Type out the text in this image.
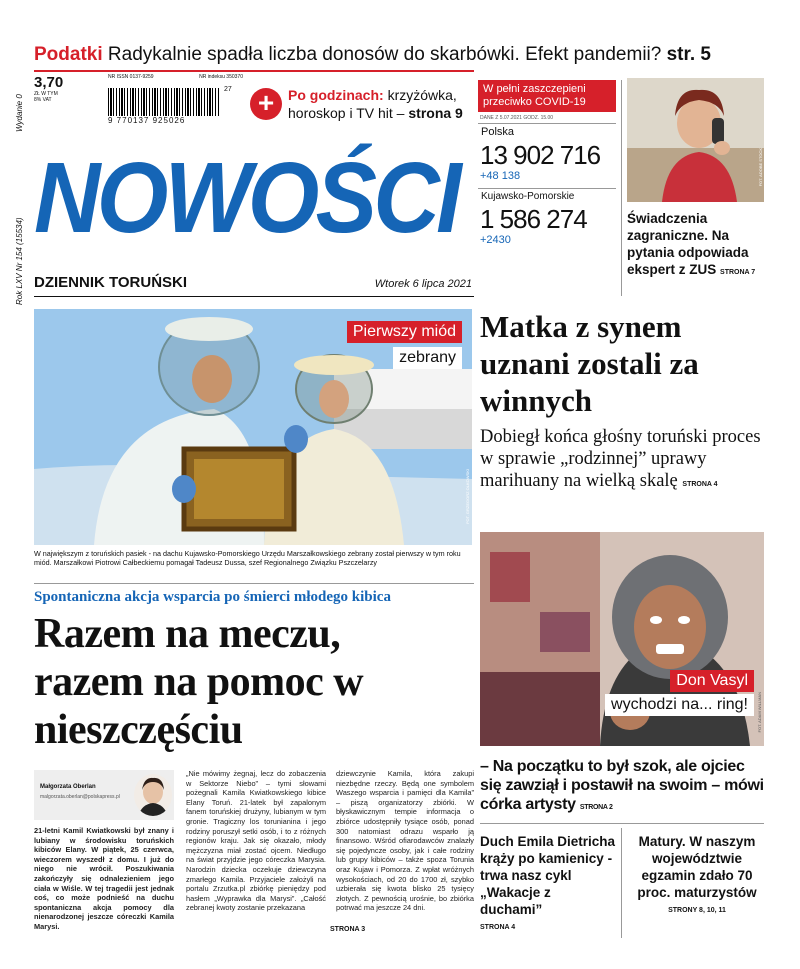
Podatki Radykalnie spadła liczba donosów do skarbówki. Efekt pandemii? str. 5
Wydanie 0
Rok LXV Nr 154 (15534)
3,70
ZŁ W TYM 8% VAT
NR ISSN 0137-9259	NR indeksu 350370
9 770137 925026
27 + Po godzinach: krzyżówka, horoskop i TV hit – strona 9
NOWOŚCI
DZIENNIK TORUŃSKI	Wtorek 6 lipca 2021
W pełni zaszczepieni przeciwko COVID-19
DANE Z 5.07.2021 GODZ. 15.00
Polska
13 902 716
+48 138
Kujawsko-Pomorskie
1 586 274
+2430
FOT. ADOBE STOCK
Świadczenia zagraniczne. Na pytania odpowiada ekspert z ZUS STRONA 7
Pierwszy miód
zebrany
FOT. GRZEGORZ OLKOWSKI
W największym z toruńskich pasiek - na dachu Kujawsko-Pomorskiego Urzędu Marszałkowskiego zebrany został pierwszy w tym roku miód. Marszałkowi Piotrowi Całbeckiemu pomagał Tadeusz Dussa, szef Regionalnego Związku Pszczelarzy
Matka z synem uznani zostali za winnych
Dobiegł końca głośny toruński proces w sprawie „rodzinnej” uprawy marihuany na wielką skalę STRONA 4
Don Vasyl
wychodzi na... ring!	FOT. ADAM WILLMAN
– Na początku to był szok, ale ojciec się zawziął i postawił na swoim – mówi córka artysty STRONA 2
Duch Emila Dietricha krąży po kamienicy - trwa nasz cykl „Wakacje z duchami”
STRONA 4
Matury. W naszym województwie egzamin zdało 70 proc. maturzystów
STRONY 8, 10, 11
Spontaniczna akcja wsparcia po śmierci młodego kibica
Razem na meczu, razem na pomoc w nieszczęściu
Małgorzata Oberlan
malgorzata.oberlan@polskapress.pl
21-letni Kamil Kwiatkowski był znany i lubiany w środowisku toruńskich kibiców Elany. W piątek, 25 czerwca, wieczorem wyszedł z domu. I już do niego nie wrócił. Poszukiwania zakończyły się odnalezieniem jego ciała w Wiśle. W tej tragedii jest jednak coś, co może podnieść na duchu spontaniczna akcja pomocy dla nienarodzonej jeszcze córeczki Kamila Marysi.
„Nie mówimy żegnaj, lecz do zobaczenia w Sektorze Niebo” – tymi słowami pożegnali Kamila Kwiatkowskiego kibice Elany Toruń. 21-latek był zapalonym fanem toruńskiej drużyny, lubianym w tym gronie. Tragiczny los torunianina i jego rodziny poruszył setki osób, i to z różnych regionów kraju. Jak się okazało, młody mężczyzna miał zostać ojcem. Niedługo na świat przyjdzie jego córeczka Marysia. Narodzin dziecka oczekuje dziewczyna zmarłego Kamila. Przyjaciele założyli na portalu Zrzutka.pl zbiórkę pieniędzy pod hasłem „Wyprawka dla Marysi”. „Całość zebranej kwoty zostanie przekazana
dziewczynie Kamila, która zakupi niezbędne rzeczy. Będą one symbolem Waszego wsparcia i pamięci dla Kamila” – piszą organizatorzy zbiórki. W błyskawicznym tempie informacja o zbiórce udostępniły tysiące osób, ponad 300 natomiast odrazu wsparło ją finansowo. Wśród ofiarodawców znalazły się pojedyncze osoby, jak i całe rodziny lub grupy kibiców – także spoza Torunia oraz Kujaw i Pomorza. Z wpłat wróżnych wysokościach, od 20 do 1700 zł, szybko uzbierała się kwota blisko 25 tysięcy złotych. Z pewnością urośnie, bo zbiórka potrwać ma jeszcze 24 dni.
STRONA 3
